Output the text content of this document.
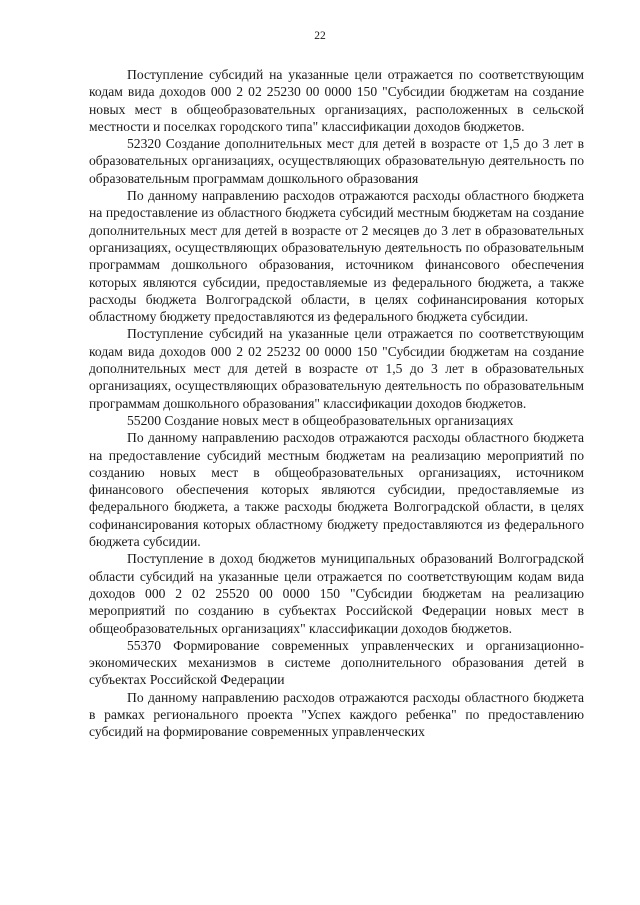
22

Поступление субсидий на указанные цели отражается по соответствующим кодам вида доходов 000 2 02 25230 00 0000 150 "Субсидии бюджетам на создание новых мест в общеобразовательных организациях, расположенных в сельской местности и поселках городского типа" классификации доходов бюджетов.

52320 Создание дополнительных мест для детей в возрасте от 1,5 до 3 лет в образовательных организациях, осуществляющих образовательную деятельность по образовательным программам дошкольного образования

По данному направлению расходов отражаются расходы областного бюджета на предоставление из областного бюджета субсидий местным бюджетам на создание дополнительных мест для детей в возрасте от 2 месяцев до 3 лет в образовательных организациях, осуществляющих образовательную деятельность по образовательным программам дошкольного образования, источником финансового обеспечения которых являются субсидии, предоставляемые из федерального бюджета, а также расходы бюджета Волгоградской области, в целях софинансирования которых областному бюджету предоставляются из федерального бюджета субсидии.

Поступление субсидий на указанные цели отражается по соответствующим кодам вида доходов 000 2 02 25232 00 0000 150 "Субсидии бюджетам на создание дополнительных мест для детей в возрасте от 1,5 до 3 лет в образовательных организациях, осуществляющих образовательную деятельность по образовательным программам дошкольного образования" классификации доходов бюджетов.

55200 Создание новых мест в общеобразовательных организациях

По данному направлению расходов отражаются расходы областного бюджета на предоставление субсидий местным бюджетам на реализацию мероприятий по созданию новых мест в общеобразовательных организациях, источником финансового обеспечения которых являются субсидии, предоставляемые из федерального бюджета, а также расходы бюджета Волгоградской области, в целях софинансирования которых областному бюджету предоставляются из федерального бюджета субсидии.

Поступление в доход бюджетов муниципальных образований Волгоградской области субсидий на указанные цели отражается по соответствующим кодам вида доходов 000 2 02 25520 00 0000 150 "Субсидии бюджетам на реализацию мероприятий по созданию в субъектах Российской Федерации новых мест в общеобразовательных организациях" классификации доходов бюджетов.

55370 Формирование современных управленческих и организационно-экономических механизмов в системе дополнительного образования детей в субъектах Российской Федерации

По данному направлению расходов отражаются расходы областного бюджета в рамках регионального проекта "Успех каждого ребенка" по предоставлению субсидий на формирование современных управленческих
